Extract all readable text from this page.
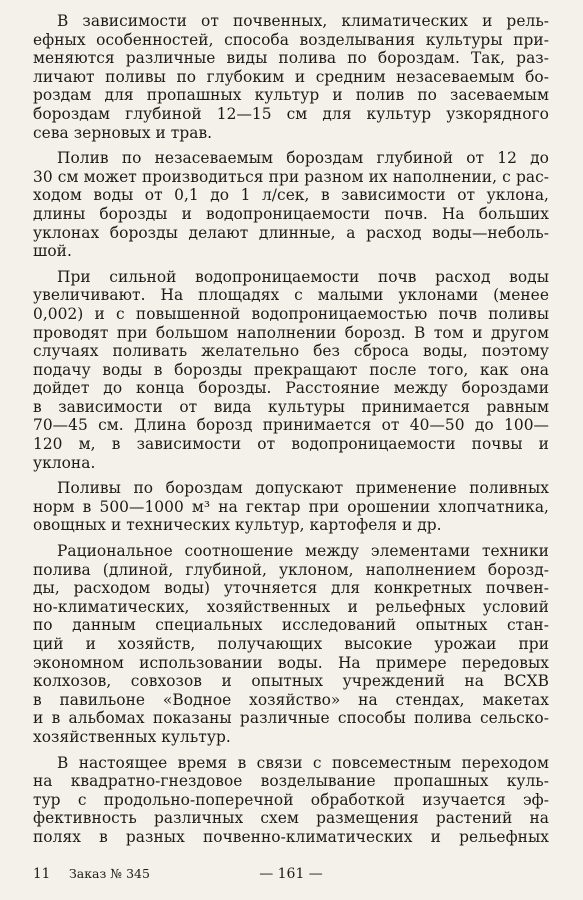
В зависимости от почвенных, климатических и рель-
ефных особенностей, способа возделывания культуры при-
меняются различные виды полива по бороздам. Так, раз-
личают поливы по глубоким и средним незасеваемым бо-
роздам для пропашных культур и полив по засеваемым
бороздам глубиной 12—15 см для культур узкорядного
сева зерновых и трав.
Полив по незасеваемым бороздам глубиной от 12 до
30 см может производиться при разном их наполнении, с рас-
ходом воды от 0,1 до 1 л/сек, в зависимости от уклона,
длины борозды и водопроницаемости почв. На больших
уклонах борозды делают длинные, а расход воды—неболь-
шой.
При сильной водопроницаемости почв расход воды
увеличивают. На площадях с малыми уклонами (менее
0,002) и с повышенной водопроницаемостью почв поливы
проводят при большом наполнении борозд. В том и другом
случаях поливать желательно без сброса воды, поэтому
подачу воды в борозды прекращают после того, как она
дойдет до конца борозды. Расстояние между бороздами
в зависимости от вида культуры принимается равным
70—45 см. Длина борозд принимается от 40—50 до 100—
120 м, в зависимости от водопроницаемости почвы и
уклона.
Поливы по бороздам допускают применение поливных
норм в 500—1000 м³ на гектар при орошении хлопчатника,
овощных и технических культур, картофеля и др.
Рациональное соотношение между элементами техники
полива (длиной, глубиной, уклоном, наполнением борозд-
ды, расходом воды) уточняется для конкретных почвен-
но-климатических, хозяйственных и рельефных условий
по данным специальных исследований опытных стан-
ций и хозяйств, получающих высокие урожаи при
экономном использовании воды. На примере передовых
колхозов, совхозов и опытных учреждений на ВСХВ
в павильоне «Водное хозяйство» на стендах, макетах
и в альбомах показаны различные способы полива сельско-
хозяйственных культур.
В настоящее время в связи с повсеместным переходом
на квадратно-гнездовое возделывание пропашных куль-
тур с продольно-поперечной обработкой изучается эф-
фективность различных схем размещения растений на
полях в разных почвенно-климатических и рельефных
11 Заказ № 345	— 161 —
